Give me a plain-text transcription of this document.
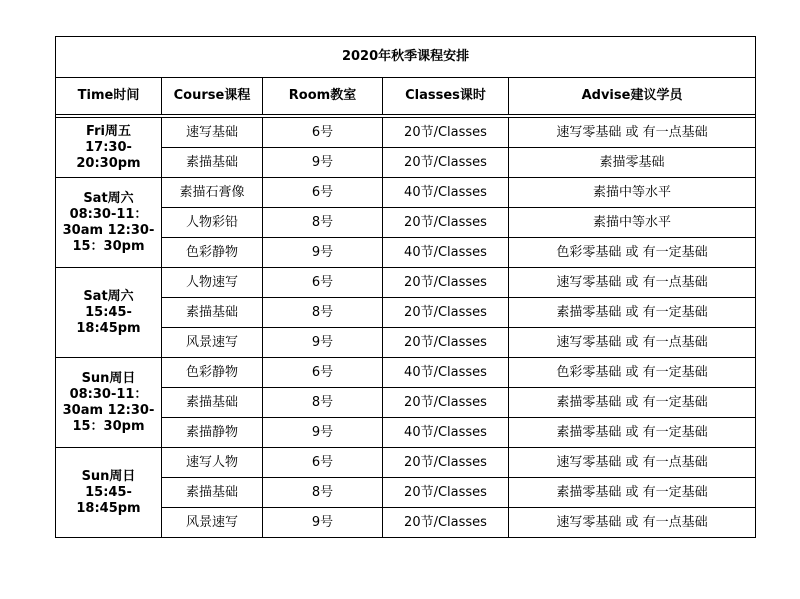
2020年秋季课程安排				
Time时间	Course课程	Room教室	Classes课时	Advise建议学员

Fri周五
17:30-20:30pm	速写基础	6号	20节/Classes	速写零基础 或 有一点基础
	素描基础	9号	20节/Classes	素描零基础

Sat周六
08:30-11：
30am 12:30-
15：30pm	素描石膏像	6号	40节/Classes	素描中等水平
	人物彩铅	8号	20节/Classes	素描中等水平
	色彩静物	9号	40节/Classes	色彩零基础 或 有一定基础

Sat周六
15:45-18:45pm	人物速写	6号	20节/Classes	速写零基础 或 有一点基础
	素描基础	8号	20节/Classes	素描零基础 或 有一定基础
	风景速写	9号	20节/Classes	速写零基础 或 有一点基础

Sun周日
08:30-11：
30am 12:30-
15：30pm	色彩静物	6号	40节/Classes	色彩零基础 或 有一定基础
	素描基础	8号	20节/Classes	素描零基础 或 有一定基础
	素描静物	9号	40节/Classes	素描零基础 或 有一定基础

Sun周日
15:45-18:45pm	速写人物	6号	20节/Classes	速写零基础 或 有一点基础
	素描基础	8号	20节/Classes	素描零基础 或 有一定基础
	风景速写	9号	20节/Classes	速写零基础 或 有一点基础
